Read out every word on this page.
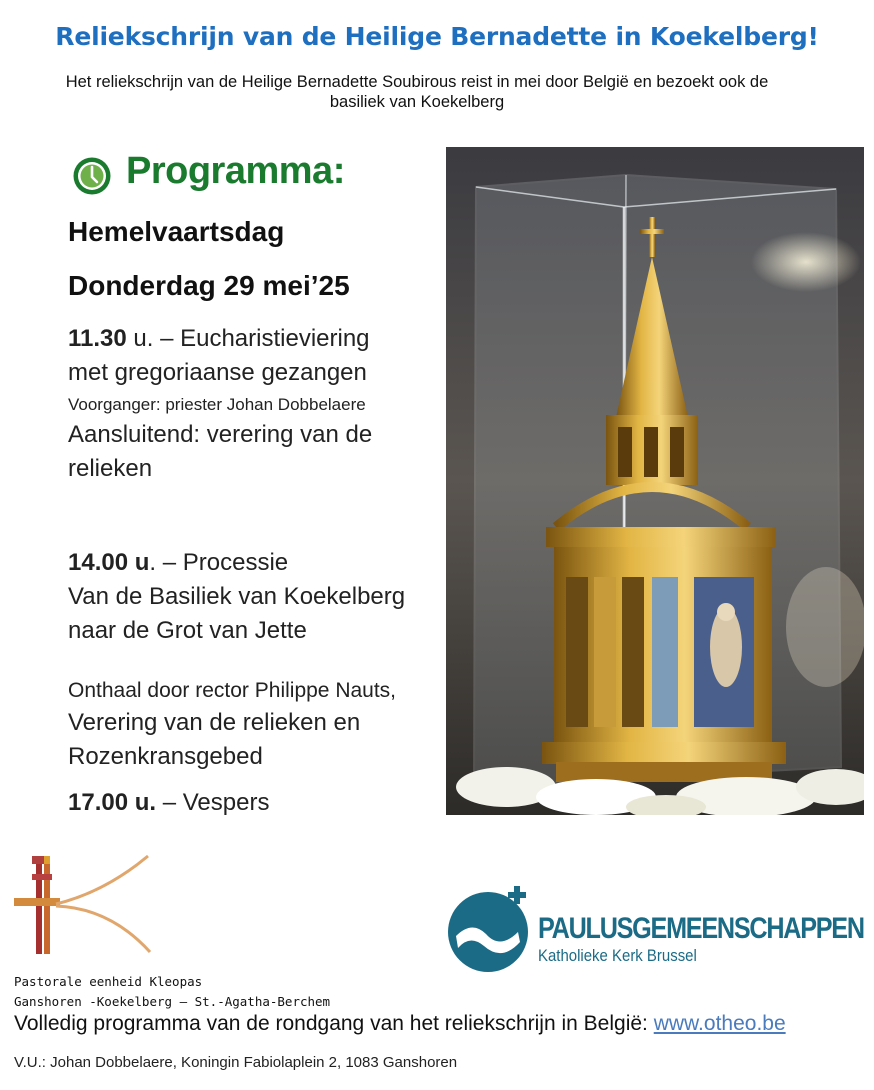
Reliekschrijn van de Heilige Bernadette in Koekelberg!
Het reliekschrijn van de Heilige Bernadette Soubirous reist in mei door België en bezoekt ook de basiliek van Koekelberg
Programma:
Hemelvaartsdag
Donderdag 29 mei’25
11.30 u. – Eucharistieviering
met gregoriaanse gezangen
Voorganger: priester Johan Dobbelaere
Aansluitend: verering van de
relieken
14.00 u. – Processie
Van de Basiliek van Koekelberg
naar de Grot van Jette
Onthaal door rector Philippe Nauts,
Verering van de relieken en
Rozenkransgebed
17.00 u. – Vespers
Pastorale eenheid Kleopas
Ganshoren -Koekelberg – St.-Agatha-Berchem
PAULUSGEMEENSCHAPPEN
Katholieke Kerk Brussel
Volledig programma van de rondgang van het reliekschrijn in België: www.otheo.be
V.U.: Johan Dobbelaere, Koningin Fabiolaplein 2, 1083 Ganshoren
